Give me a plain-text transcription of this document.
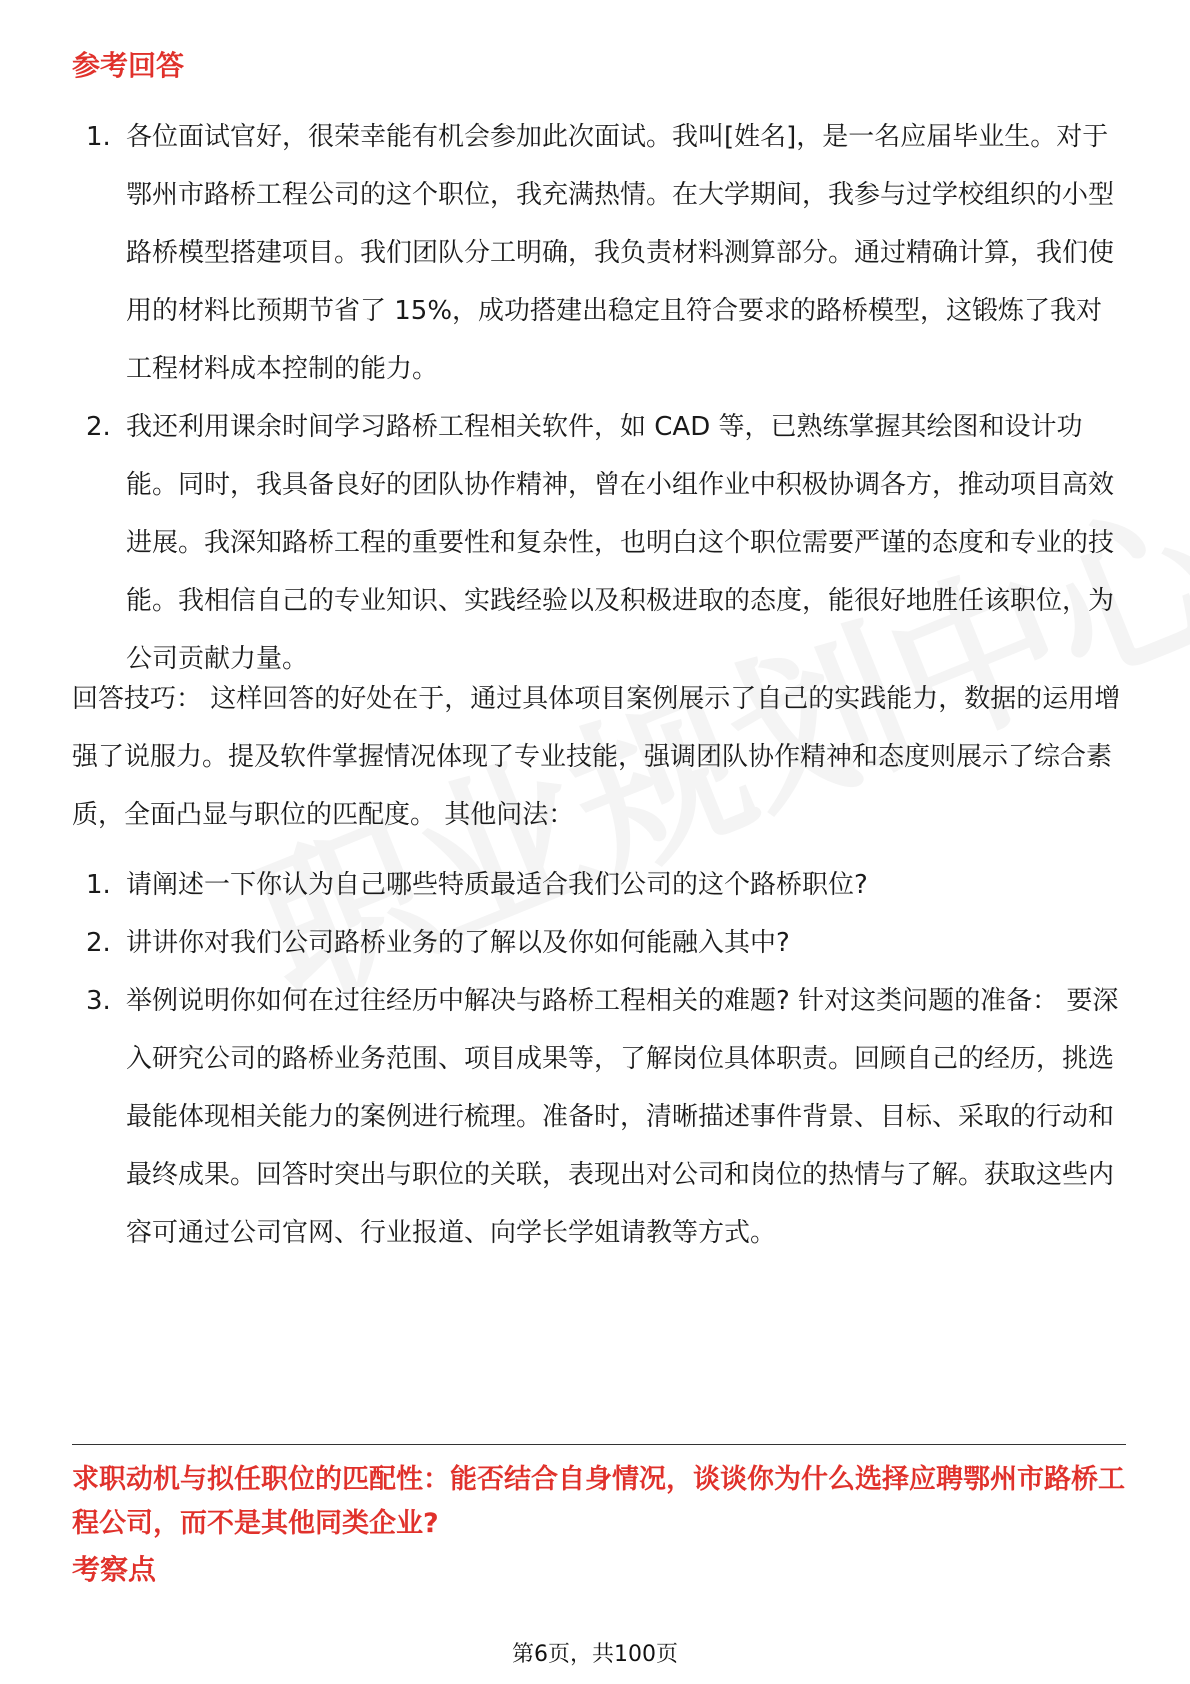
参考回答
1. 各位面试官好，很荣幸能有机会参加此次面试。我叫[姓名]，是一名应届毕业生。对于鄂州市路桥工程公司的这个职位，我充满热情。在大学期间，我参与过学校组织的小型路桥模型搭建项目。我们团队分工明确，我负责材料测算部分。通过精确计算，我们使用的材料比预期节省了 15%，成功搭建出稳定且符合要求的路桥模型，这锻炼了我对工程材料成本控制的能力。
2. 我还利用课余时间学习路桥工程相关软件，如 CAD 等，已熟练掌握其绘图和设计功能。同时，我具备良好的团队协作精神，曾在小组作业中积极协调各方，推动项目高效进展。我深知路桥工程的重要性和复杂性，也明白这个职位需要严谨的态度和专业的技能。我相信自己的专业知识、实践经验以及积极进取的态度，能很好地胜任该职位，为公司贡献力量。

回答技巧： 这样回答的好处在于，通过具体项目案例展示了自己的实践能力，数据的运用增强了说服力。提及软件掌握情况体现了专业技能，强调团队协作精神和态度则展示了综合素质，全面凸显与职位的匹配度。 其他问法：

1. 请阐述一下你认为自己哪些特质最适合我们公司的这个路桥职位?
2. 讲讲你对我们公司路桥业务的了解以及你如何能融入其中?
3. 举例说明你如何在过往经历中解决与路桥工程相关的难题? 针对这类问题的准备： 要深入研究公司的路桥业务范围、项目成果等，了解岗位具体职责。回顾自己的经历，挑选最能体现相关能力的案例进行梳理。准备时，清晰描述事件背景、目标、采取的行动和最终成果。回答时突出与职位的关联，表现出对公司和岗位的热情与了解。获取这些内容可通过公司官网、行业报道、向学长学姐请教等方式。
求职动机与拟任职位的匹配性：能否结合自身情况，谈谈你为什么选择应聘鄂州市路桥工程公司，而不是其他同类企业?
考察点
第6页，共100页
